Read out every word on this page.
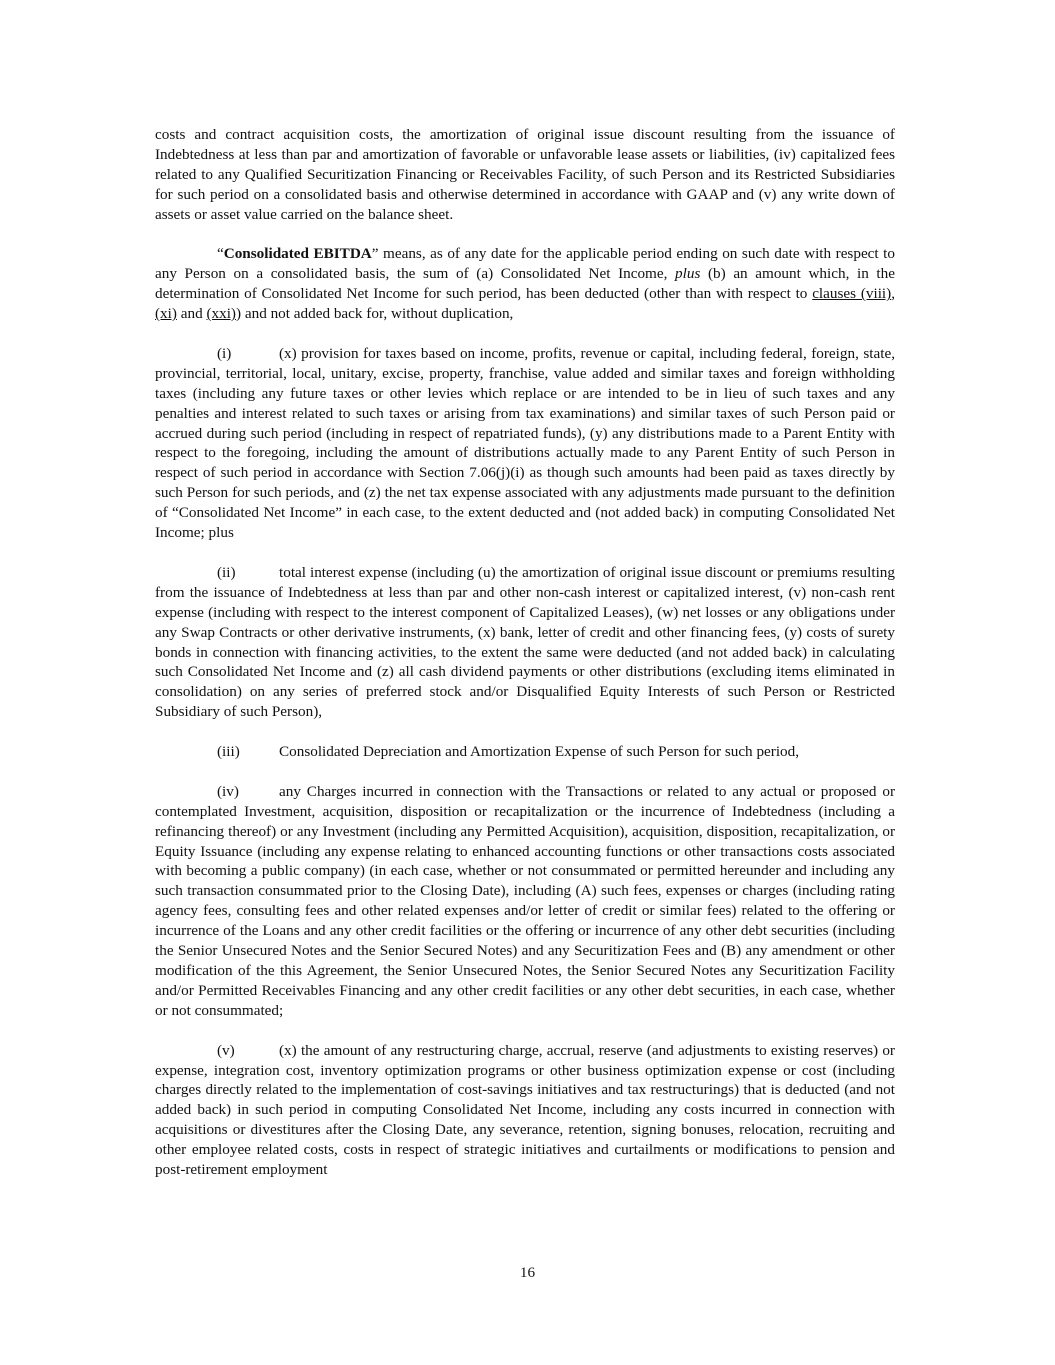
costs and contract acquisition costs, the amortization of original issue discount resulting from the issuance of Indebtedness at less than par and amortization of favorable or unfavorable lease assets or liabilities, (iv) capitalized fees related to any Qualified Securitization Financing or Receivables Facility, of such Person and its Restricted Subsidiaries for such period on a consolidated basis and otherwise determined in accordance with GAAP and (v) any write down of assets or asset value carried on the balance sheet.

“Consolidated EBITDA” means, as of any date for the applicable period ending on such date with respect to any Person on a consolidated basis, the sum of (a) Consolidated Net Income, plus (b) an amount which, in the determination of Consolidated Net Income for such period, has been deducted (other than with respect to clauses (viii), (xi) and (xxi)) and not added back for, without duplication,

(i)	(x) provision for taxes based on income, profits, revenue or capital, including federal, foreign, state, provincial, territorial, local, unitary, excise, property, franchise, value added and similar taxes and foreign withholding taxes (including any future taxes or other levies which replace or are intended to be in lieu of such taxes and any penalties and interest related to such taxes or arising from tax examinations) and similar taxes of such Person paid or accrued during such period (including in respect of repatriated funds), (y) any distributions made to a Parent Entity with respect to the foregoing, including the amount of distributions actually made to any Parent Entity of such Person in respect of such period in accordance with Section 7.06(j)(i) as though such amounts had been paid as taxes directly by such Person for such periods, and (z) the net tax expense associated with any adjustments made pursuant to the definition of “Consolidated Net Income” in each case, to the extent deducted and (not added back) in computing Consolidated Net Income; plus

(ii)	total interest expense (including (u) the amortization of original issue discount or premiums resulting from the issuance of Indebtedness at less than par and other non-cash interest or capitalized interest, (v) non-cash rent expense (including with respect to the interest component of Capitalized Leases), (w) net losses or any obligations under any Swap Contracts or other derivative instruments, (x) bank, letter of credit and other financing fees, (y) costs of surety bonds in connection with financing activities, to the extent the same were deducted (and not added back) in calculating such Consolidated Net Income and (z) all cash dividend payments or other distributions (excluding items eliminated in consolidation) on any series of preferred stock and/or Disqualified Equity Interests of such Person or Restricted Subsidiary of such Person),

(iii)	Consolidated Depreciation and Amortization Expense of such Person for such period,

(iv)	any Charges incurred in connection with the Transactions or related to any actual or proposed or contemplated Investment, acquisition, disposition or recapitalization or the incurrence of Indebtedness (including a refinancing thereof) or any Investment (including any Permitted Acquisition), acquisition, disposition, recapitalization, or Equity Issuance (including any expense relating to enhanced accounting functions or other transactions costs associated with becoming a public company) (in each case, whether or not consummated or permitted hereunder and including any such transaction consummated prior to the Closing Date), including (A) such fees, expenses or charges (including rating agency fees, consulting fees and other related expenses and/or letter of credit or similar fees) related to the offering or incurrence of the Loans and any other credit facilities or the offering or incurrence of any other debt securities (including the Senior Unsecured Notes and the Senior Secured Notes) and any Securitization Fees and (B) any amendment or other modification of the this Agreement, the Senior Unsecured Notes, the Senior Secured Notes any Securitization Facility and/or Permitted Receivables Financing and any other credit facilities or any other debt securities, in each case, whether or not consummated;

(v)	(x) the amount of any restructuring charge, accrual, reserve (and adjustments to existing reserves) or expense, integration cost, inventory optimization programs or other business optimization expense or cost (including charges directly related to the implementation of cost-savings initiatives and tax restructurings) that is deducted (and not added back) in such period in computing Consolidated Net Income, including any costs incurred in connection with acquisitions or divestitures after the Closing Date, any severance, retention, signing bonuses, relocation, recruiting and other employee related costs, costs in respect of strategic initiatives and curtailments or modifications to pension and post-retirement employment

16
